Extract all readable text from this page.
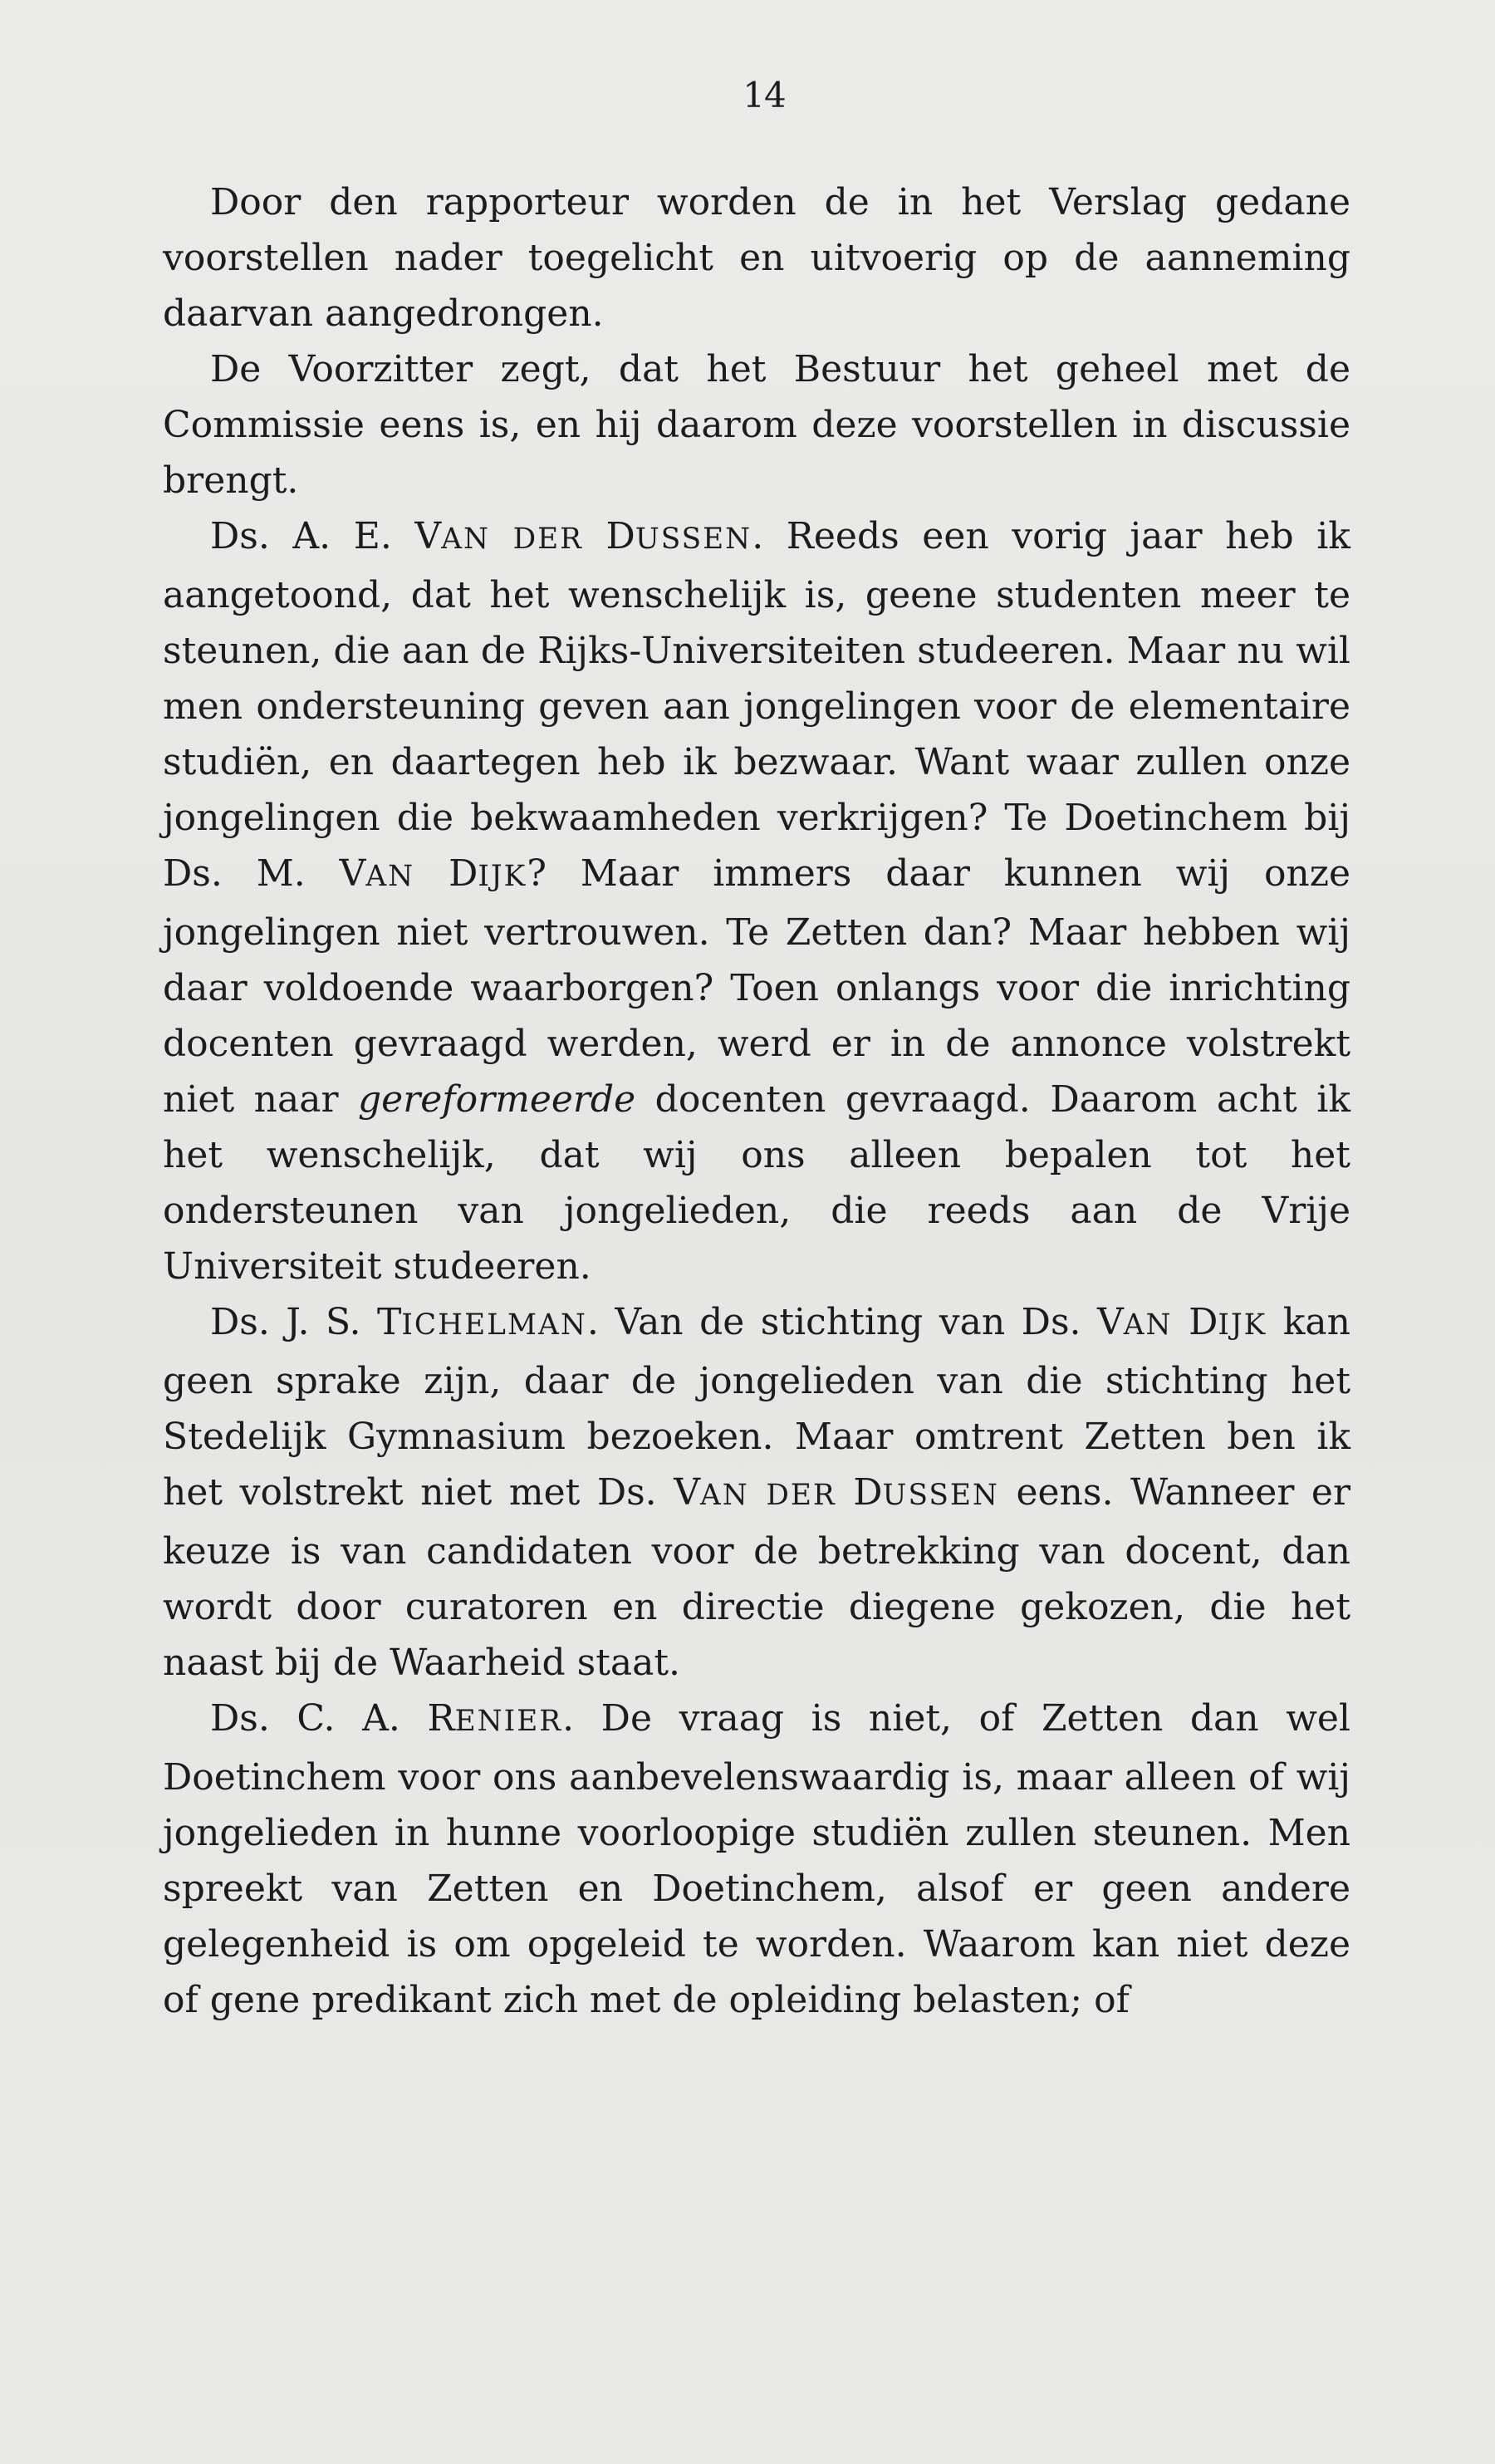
14

Door den rapporteur worden de in het Verslag gedane voorstellen nader toegelicht en uitvoerig op de aanneming daarvan aangedrongen.

De Voorzitter zegt, dat het Bestuur het geheel met de Commissie eens is, en hij daarom deze voorstellen in discussie brengt.

Ds. A. E. VAN DER DUSSEN. Reeds een vorig jaar heb ik aangetoond, dat het wenschelijk is, geene studenten meer te steunen, die aan de Rijks-Universiteiten studeeren. Maar nu wil men ondersteuning geven aan jongelingen voor de elementaire studiën, en daartegen heb ik bezwaar. Want waar zullen onze jongelingen die bekwaamheden verkrijgen? Te Doetinchem bij Ds. M. VAN DIJK? Maar immers daar kunnen wij onze jongelingen niet vertrouwen. Te Zetten dan? Maar hebben wij daar voldoende waarborgen? Toen onlangs voor die inrichting docenten gevraagd werden, werd er in de annonce volstrekt niet naar gereformeerde docenten gevraagd. Daarom acht ik het wenschelijk, dat wij ons alleen bepalen tot het ondersteunen van jongelieden, die reeds aan de Vrije Universiteit studeeren.

Ds. J. S. TICHELMAN. Van de stichting van Ds. VAN DIJK kan geen sprake zijn, daar de jongelieden van die stichting het Stedelijk Gymnasium bezoeken. Maar omtrent Zetten ben ik het volstrekt niet met Ds. VAN DER DUSSEN eens. Wanneer er keuze is van candidaten voor de betrekking van docent, dan wordt door curatoren en directie diegene gekozen, die het naast bij de Waarheid staat.

Ds. C. A. RENIER. De vraag is niet, of Zetten dan wel Doetinchem voor ons aanbevelenswaardig is, maar alleen of wij jongelieden in hunne voorloopige studiën zullen steunen. Men spreekt van Zetten en Doetinchem, alsof er geen andere gelegenheid is om opgeleid te worden. Waarom kan niet deze of gene predikant zich met de opleiding belasten; of
